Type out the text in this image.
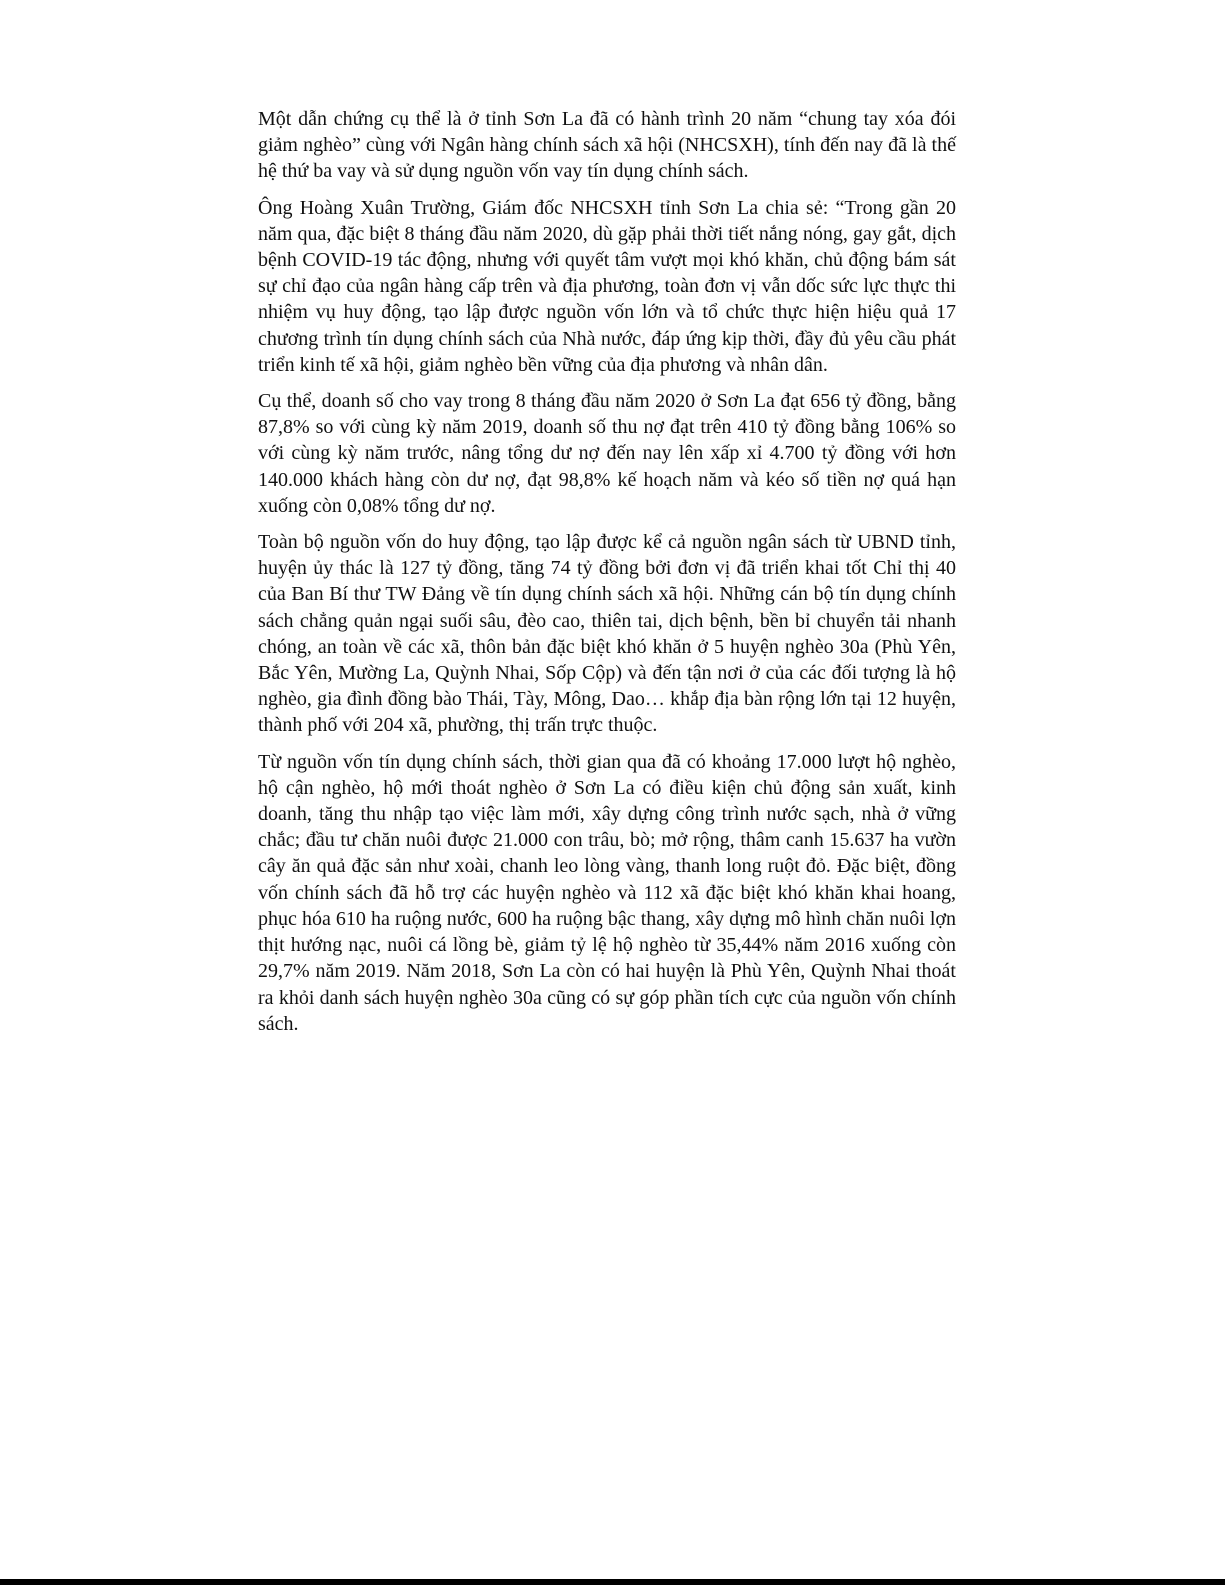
Một dẫn chứng cụ thể là ở tỉnh Sơn La đã có hành trình 20 năm “chung tay xóa đói giảm nghèo” cùng với Ngân hàng chính sách xã hội (NHCSXH), tính đến nay đã là thế hệ thứ ba vay và sử dụng nguồn vốn vay tín dụng chính sách.

Ông Hoàng Xuân Trường, Giám đốc NHCSXH tỉnh Sơn La chia sẻ: “Trong gần 20 năm qua, đặc biệt 8 tháng đầu năm 2020, dù gặp phải thời tiết nắng nóng, gay gắt, dịch bệnh COVID-19 tác động, nhưng với quyết tâm vượt mọi khó khăn, chủ động bám sát sự chỉ đạo của ngân hàng cấp trên và địa phương, toàn đơn vị vẫn dốc sức lực thực thi nhiệm vụ huy động, tạo lập được nguồn vốn lớn và tổ chức thực hiện hiệu quả 17 chương trình tín dụng chính sách của Nhà nước, đáp ứng kịp thời, đầy đủ yêu cầu phát triển kinh tế xã hội, giảm nghèo bền vững của địa phương và nhân dân.

Cụ thể, doanh số cho vay trong 8 tháng đầu năm 2020 ở Sơn La đạt 656 tỷ đồng, bằng 87,8% so với cùng kỳ năm 2019, doanh số thu nợ đạt trên 410 tỷ đồng bằng 106% so với cùng kỳ năm trước, nâng tổng dư nợ đến nay lên xấp xỉ 4.700 tỷ đồng với hơn 140.000 khách hàng còn dư nợ, đạt 98,8% kế hoạch năm và kéo số tiền nợ quá hạn xuống còn 0,08% tổng dư nợ.

Toàn bộ nguồn vốn do huy động, tạo lập được kể cả nguồn ngân sách từ UBND tỉnh, huyện ủy thác là 127 tỷ đồng, tăng 74 tỷ đồng bởi đơn vị đã triển khai tốt Chỉ thị 40 của Ban Bí thư TW Đảng về tín dụng chính sách xã hội. Những cán bộ tín dụng chính sách chẳng quản ngại suối sâu, đèo cao, thiên tai, dịch bệnh, bền bỉ chuyển tải nhanh chóng, an toàn về các xã, thôn bản đặc biệt khó khăn ở 5 huyện nghèo 30a (Phù Yên, Bắc Yên, Mường La, Quỳnh Nhai, Sốp Cộp) và đến tận nơi ở của các đối tượng là hộ nghèo, gia đình đồng bào Thái, Tày, Mông, Dao… khắp địa bàn rộng lớn tại 12 huyện, thành phố với 204 xã, phường, thị trấn trực thuộc.

Từ nguồn vốn tín dụng chính sách, thời gian qua đã có khoảng 17.000 lượt hộ nghèo, hộ cận nghèo, hộ mới thoát nghèo ở Sơn La có điều kiện chủ động sản xuất, kinh doanh, tăng thu nhập tạo việc làm mới, xây dựng công trình nước sạch, nhà ở vững chắc; đầu tư chăn nuôi được 21.000 con trâu, bò; mở rộng, thâm canh 15.637 ha vườn cây ăn quả đặc sản như xoài, chanh leo lòng vàng, thanh long ruột đỏ. Đặc biệt, đồng vốn chính sách đã hỗ trợ các huyện nghèo và 112 xã đặc biệt khó khăn khai hoang, phục hóa 610 ha ruộng nước, 600 ha ruộng bậc thang, xây dựng mô hình chăn nuôi lợn thịt hướng nạc, nuôi cá lồng bè, giảm tỷ lệ hộ nghèo từ 35,44% năm 2016 xuống còn 29,7% năm 2019. Năm 2018, Sơn La còn có hai huyện là Phù Yên, Quỳnh Nhai thoát ra khỏi danh sách huyện nghèo 30a cũng có sự góp phần tích cực của nguồn vốn chính sách.
